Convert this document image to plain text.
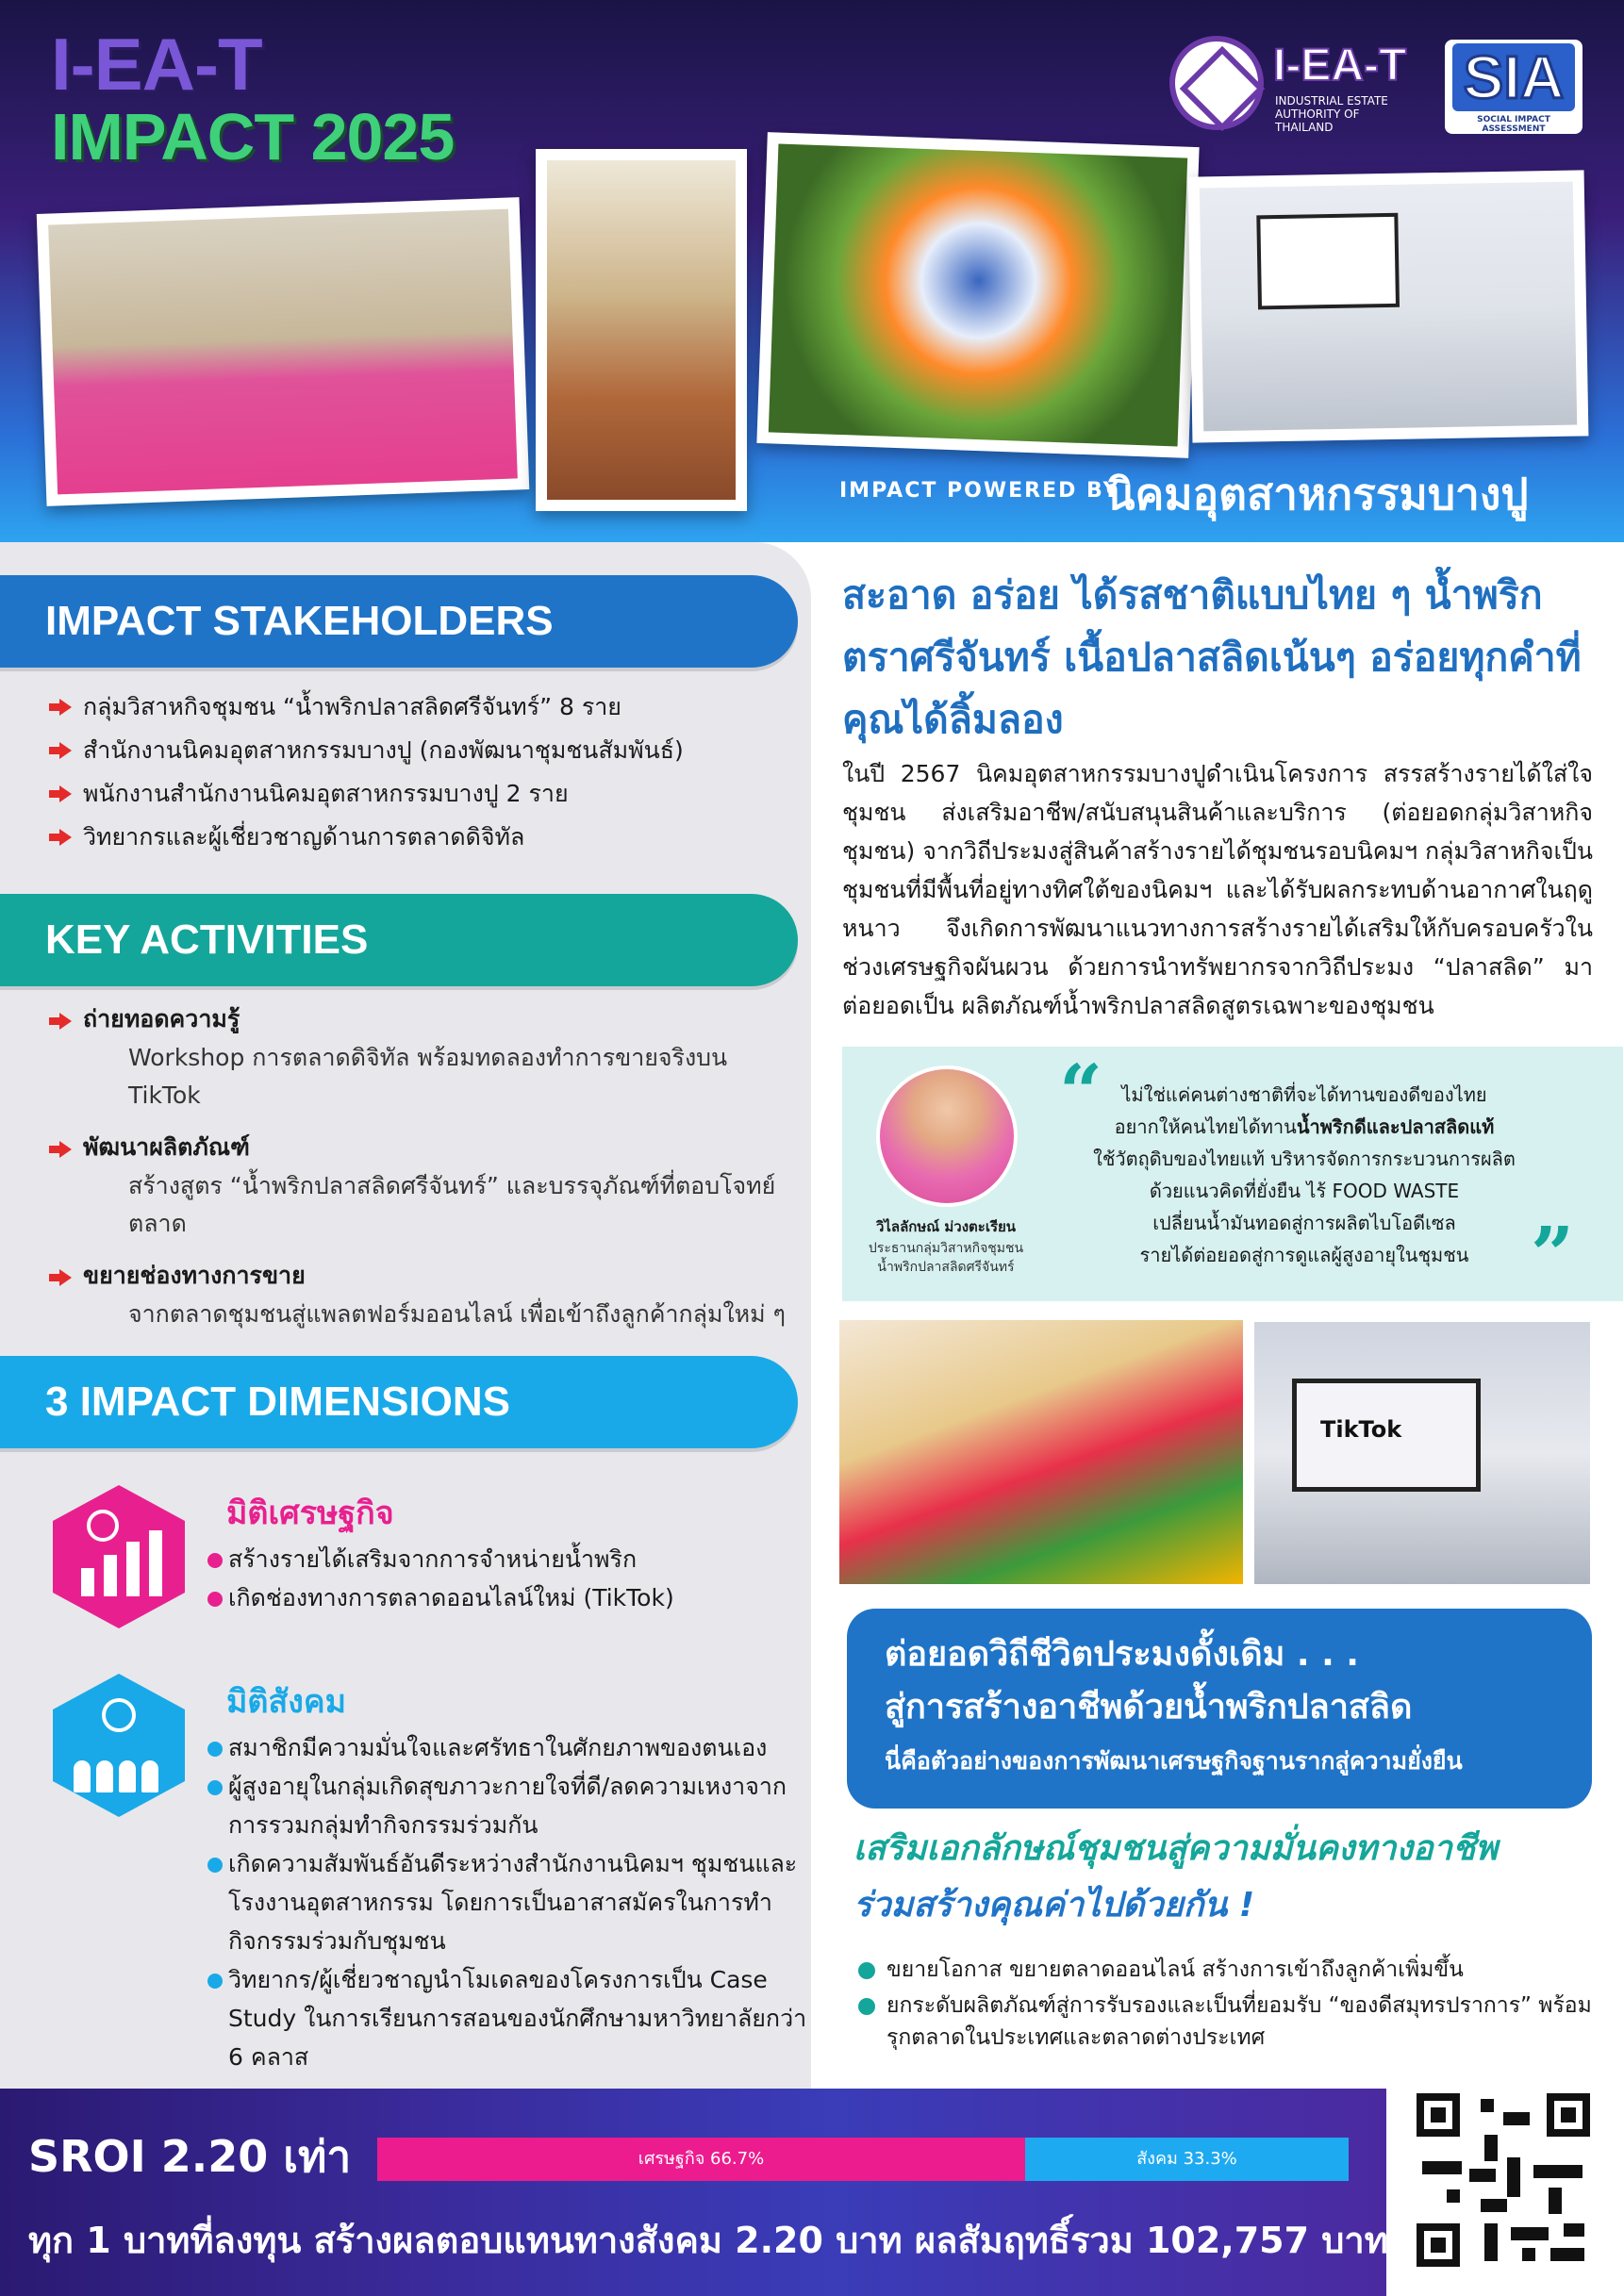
I-EA-T
IMPACT 2025
I-EA-T
INDUSTRIAL ESTATE AUTHORITY OF THAILAND
SIA
SOCIAL IMPACT ASSESSMENT
IMPACT POWERED BY
นิคมอุตสาหกรรมบางปู
IMPACT STAKEHOLDERS
กลุ่มวิสาหกิจชุมชน “น้ำพริกปลาสลิดศรีจันทร์” 8 ราย
สำนักงานนิคมอุตสาหกรรมบางปู (กองพัฒนาชุมชนสัมพันธ์)
พนักงานสำนักงานนิคมอุตสาหกรรมบางปู 2 ราย
วิทยากรและผู้เชี่ยวชาญด้านการตลาดดิจิทัล
KEY ACTIVITIES
ถ่ายทอดความรู้
Workshop การตลาดดิจิทัล พร้อมทดลองทำการขายจริงบน TikTok
พัฒนาผลิตภัณฑ์
สร้างสูตร “น้ำพริกปลาสลิดศรีจันทร์” และบรรจุภัณฑ์ที่ตอบโจทย์ตลาด
ขยายช่องทางการขาย
จากตลาดชุมชนสู่แพลตฟอร์มออนไลน์ เพื่อเข้าถึงลูกค้ากลุ่มใหม่ ๆ
3 IMPACT DIMENSIONS
มิติเศรษฐกิจ
สร้างรายได้เสริมจากการจำหน่ายน้ำพริก
เกิดช่องทางการตลาดออนไลน์ใหม่ (TikTok)
มิติสังคม
สมาชิกมีความมั่นใจและศรัทธาในศักยภาพของตนเอง
ผู้สูงอายุในกลุ่มเกิดสุขภาวะกายใจที่ดี/ลดความเหงาจากการรวมกลุ่มทำกิจกรรมร่วมกัน
เกิดความสัมพันธ์อันดีระหว่างสำนักงานนิคมฯ ชุมชนและโรงงานอุตสาหกรรม โดยการเป็นอาสาสมัครในการทำกิจกรรมร่วมกับชุมชน
วิทยากร/ผู้เชี่ยวชาญนำโมเดลของโครงการเป็น Case Study ในการเรียนการสอนของนักศึกษามหาวิทยาลัยกว่า 6 คลาส
สะอาด อร่อย ได้รสชาติแบบไทย ๆ น้ำพริกตราศรีจันทร์ เนื้อปลาสลิดเน้นๆ อร่อยทุกคำที่คุณได้ลิ้มลอง
ในปี 2567 นิคมอุตสาหกรรมบางปูดำเนินโครงการ สรรสร้างรายได้ใส่ใจชุมชน ส่งเสริมอาชีพ/สนับสนุนสินค้าและบริการ (ต่อยอดกลุ่มวิสาหกิจชุมชน) จากวิถีประมงสู่สินค้าสร้างรายได้ชุมชนรอบนิคมฯ กลุ่มวิสาหกิจเป็นชุมชนที่มีพื้นที่อยู่ทางทิศใต้ของนิคมฯ และได้รับผลกระทบด้านอากาศในฤดูหนาว จึงเกิดการพัฒนาแนวทางการสร้างรายได้เสริมให้กับครอบครัวในช่วงเศรษฐกิจผันผวน ด้วยการนำทรัพยากรจากวิถีประมง “ปลาสลิด” มาต่อยอดเป็น ผลิตภัณฑ์น้ำพริกปลาสลิดสูตรเฉพาะของชุมชน
วิไลลักษณ์ ม่วงตะเรียน
ประธานกลุ่มวิสาหกิจชุมชน
น้ำพริกปลาสลิดศรีจันทร์
“	ไม่ใช่แค่คนต่างชาติที่จะได้ทานของดีของไทย
อยากให้คนไทยได้ทานน้ำพริกดีและปลาสลิดแท้
ใช้วัตถุดิบของไทยแท้ บริหารจัดการกระบวนการผลิต
ด้วยแนวคิดที่ยั่งยืน ไร้ FOOD WASTE
เปลี่ยนน้ำมันทอดสู่การผลิตไบโอดีเซล
รายได้ต่อยอดสู่การดูแลผู้สูงอายุในชุมชน ”
TikTok
ต่อยอดวิถีชีวิตประมงดั้งเดิม . . .
สู่การสร้างอาชีพด้วยน้ำพริกปลาสลิด
นี่คือตัวอย่างของการพัฒนาเศรษฐกิจฐานรากสู่ความยั่งยืน
เสริมเอกลักษณ์ชุมชนสู่ความมั่นคงทางอาชีพ
ร่วมสร้างคุณค่าไปด้วยกัน !
ขยายโอกาส ขยายตลาดออนไลน์ สร้างการเข้าถึงลูกค้าเพิ่มขึ้น
ยกระดับผลิตภัณฑ์สู่การรับรองและเป็นที่ยอมรับ “ของดีสมุทรปราการ” พร้อมรุกตลาดในประเทศและตลาดต่างประเทศ
SROI 2.20 เท่า	เศรษฐกิจ 66.7%	สังคม 33.3%
ทุก 1 บาทที่ลงทุน สร้างผลตอบแทนทางสังคม 2.20 บาท ผลสัมฤทธิ์รวม 102,757 บาท
